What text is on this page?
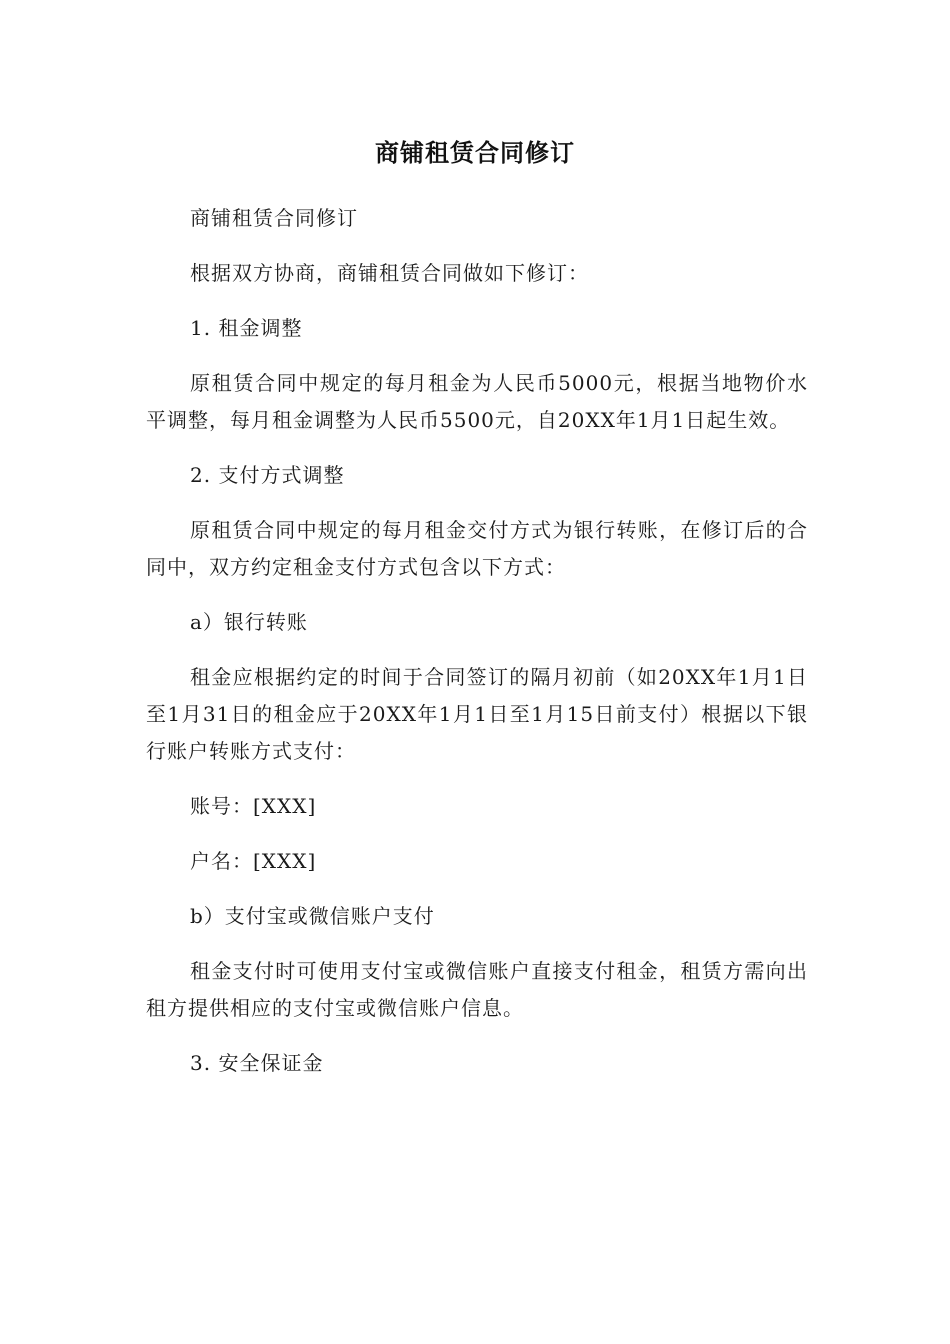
商铺租赁合同修订

商铺租赁合同修订

根据双方协商，商铺租赁合同做如下修订：

1. 租金调整

原租赁合同中规定的每月租金为人民币5000元，根据当地物价水平调整，每月租金调整为人民币5500元，自20XX年1月1日起生效。

2. 支付方式调整

原租赁合同中规定的每月租金交付方式为银行转账，在修订后的合同中，双方约定租金支付方式包含以下方式：

a）银行转账

租金应根据约定的时间于合同签订的隔月初前（如20XX年1月1日至1月31日的租金应于20XX年1月1日至1月15日前支付）根据以下银行账户转账方式支付：

账号：[XXX]

户名：[XXX]

b）支付宝或微信账户支付

租金支付时可使用支付宝或微信账户直接支付租金，租赁方需向出租方提供相应的支付宝或微信账户信息。

3. 安全保证金
